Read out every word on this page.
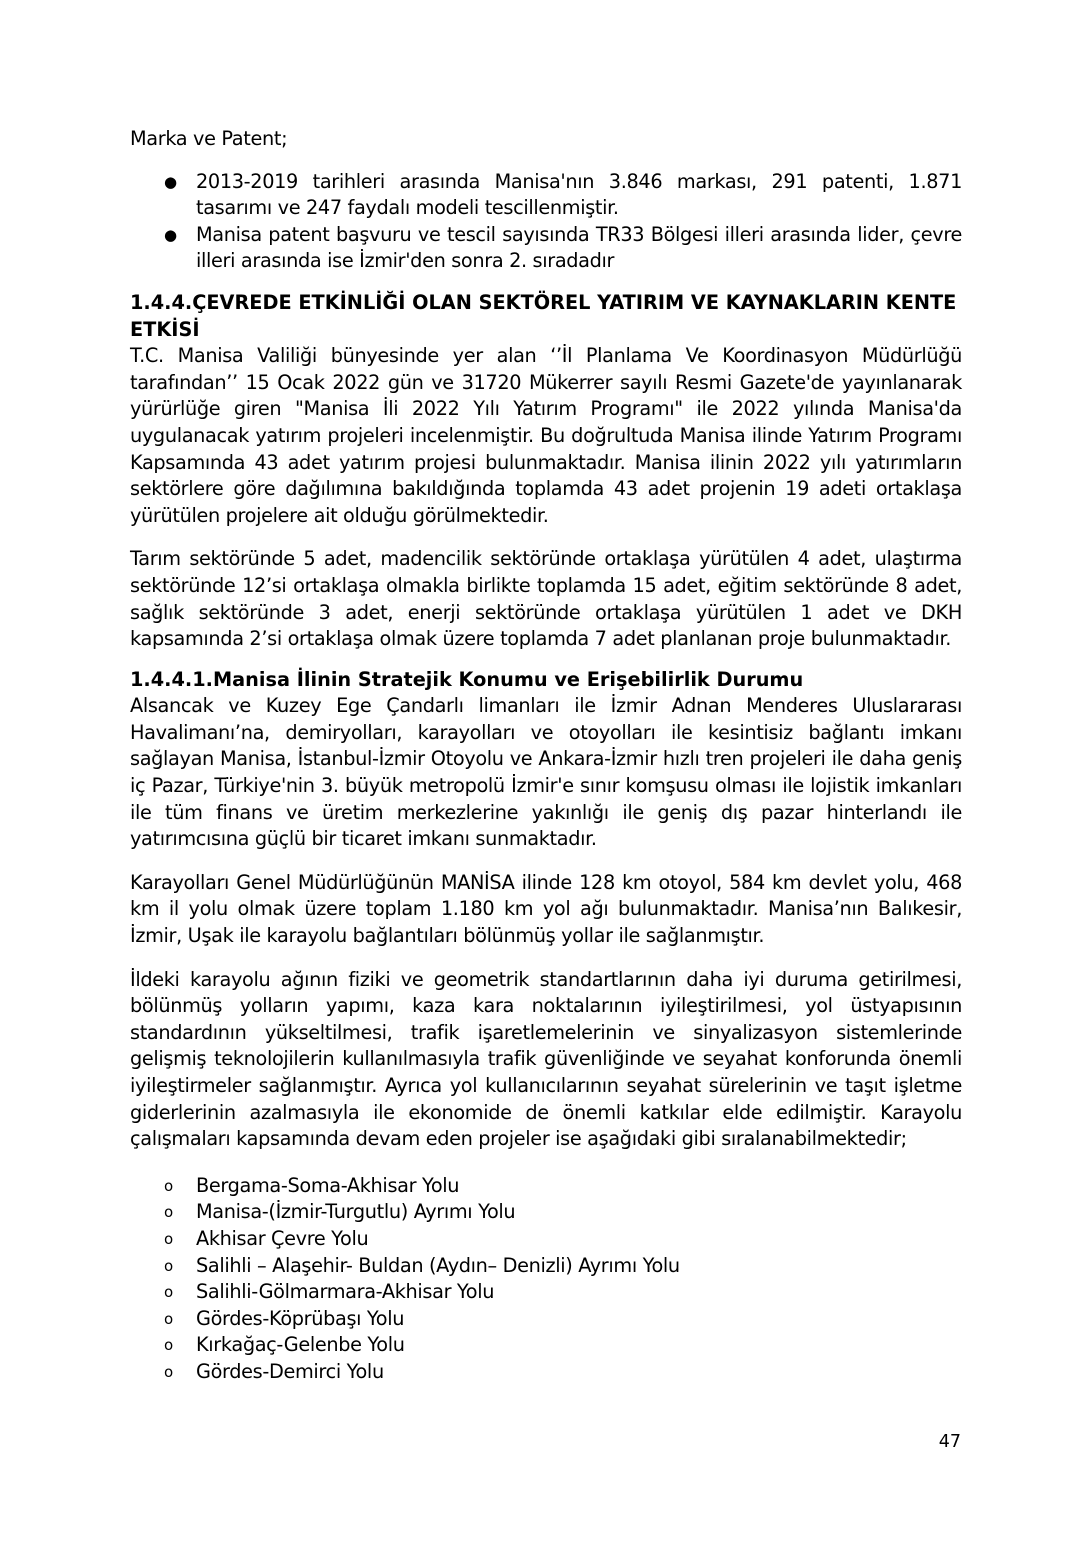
Marka ve Patent;

● 2013-2019 tarihleri arasında Manisa'nın 3.846 markası, 291 patenti, 1.871 tasarımı ve 247 faydalı modeli tescillenmiştir.
● Manisa patent başvuru ve tescil sayısında TR33 Bölgesi illeri arasında lider, çevre illeri arasında ise İzmir'den sonra 2. sıradadır
1.4.4.ÇEVREDE ETKİNLİĞİ OLAN SEKTÖREL YATIRIM VE KAYNAKLARIN KENTE ETKİSİ

T.C. Manisa Valiliği bünyesinde yer alan ‘’İl Planlama Ve Koordinasyon Müdürlüğü tarafından’’ 15 Ocak 2022 gün ve 31720 Mükerrer sayılı Resmi Gazete'de yayınlanarak yürürlüğe giren "Manisa İli 2022 Yılı Yatırım Programı" ile 2022 yılında Manisa'da uygulanacak yatırım projeleri incelenmiştir. Bu doğrultuda Manisa ilinde Yatırım Programı Kapsamında 43 adet yatırım projesi bulunmaktadır. Manisa ilinin 2022 yılı yatırımların sektörlere göre dağılımına bakıldığında toplamda 43 adet projenin 19 adeti ortaklaşa yürütülen projelere ait olduğu görülmektedir.

Tarım sektöründe 5 adet, madencilik sektöründe ortaklaşa yürütülen 4 adet, ulaştırma sektöründe 12’si ortaklaşa olmakla birlikte toplamda 15 adet, eğitim sektöründe 8 adet, sağlık sektöründe 3 adet, enerji sektöründe ortaklaşa yürütülen 1 adet ve DKH kapsamında 2’si ortaklaşa olmak üzere toplamda 7 adet planlanan proje bulunmaktadır.

1.4.4.1.Manisa İlinin Stratejik Konumu ve Erişebilirlik Durumu

Alsancak ve Kuzey Ege Çandarlı limanları ile İzmir Adnan Menderes Uluslararası Havalimanı’na, demiryolları, karayolları ve otoyolları ile kesintisiz bağlantı imkanı sağlayan Manisa, İstanbul-İzmir Otoyolu ve Ankara-İzmir hızlı tren projeleri ile daha geniş iç Pazar, Türkiye'nin 3. büyük metropolü İzmir'e sınır komşusu olması ile lojistik imkanları ile tüm finans ve üretim merkezlerine yakınlığı ile geniş dış pazar hinterlandı ile yatırımcısına güçlü bir ticaret imkanı sunmaktadır.

Karayolları Genel Müdürlüğünün MANİSA ilinde 128 km otoyol, 584 km devlet yolu, 468 km il yolu olmak üzere toplam 1.180 km yol ağı bulunmaktadır. Manisa’nın Balıkesir, İzmir, Uşak ile karayolu bağlantıları bölünmüş yollar ile sağlanmıştır.

İldeki karayolu ağının fiziki ve geometrik standartlarının daha iyi duruma getirilmesi, bölünmüş yolların yapımı, kaza kara noktalarının iyileştirilmesi, yol üstyapısının standardının yükseltilmesi, trafik işaretlemelerinin ve sinyalizasyon sistemlerinde gelişmiş teknolojilerin kullanılmasıyla trafik güvenliğinde ve seyahat konforunda önemli iyileştirmeler sağlanmıştır. Ayrıca yol kullanıcılarının seyahat sürelerinin ve taşıt işletme giderlerinin azalmasıyla ile ekonomide de önemli katkılar elde edilmiştir. Karayolu çalışmaları kapsamında devam eden projeler ise aşağıdaki gibi sıralanabilmektedir;

o Bergama-Soma-Akhisar Yolu
o Manisa-(İzmir-Turgutlu) Ayrımı Yolu
o Akhisar Çevre Yolu
o Salihli – Alaşehir- Buldan (Aydın– Denizli) Ayrımı Yolu
o Salihli-Gölmarmara-Akhisar Yolu
o Gördes-Köprübaşı Yolu
o Kırkağaç-Gelenbe Yolu
o Gördes-Demirci Yolu
47
